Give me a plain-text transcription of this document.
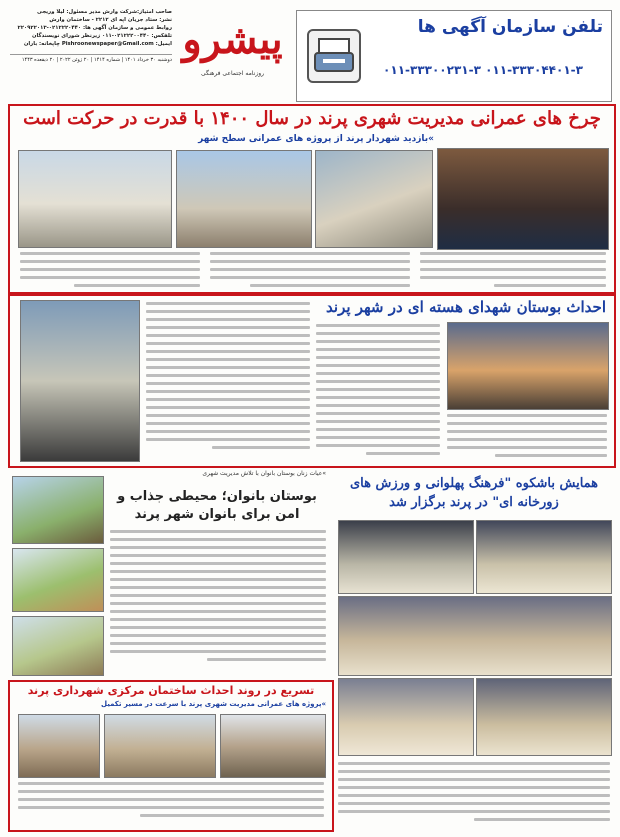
صاحب امتیاز:شرکت وارش مدیر مسئول: لیلا وریجی
نشر: ستاد جریان اپه ای ۲۲۱۲ - ساختمان وارش
روابط عمومی و سازمان آگهی ها: ۰۲۱۲۲۲۰۴۴۰-۲۲۰۹۲۲۰۱۳
تلفکس: ۰۲۱۲۲۲۰۰۴۴۰-۰۱۱ زیرنظر شورای نویسندگان
ایمیل: Pishroonewspaper@Gmail.com چاپخانه: باران
دوشنبه ۳۰ خرداد ۱۴۰۱ | شماره ۱۴۱۴ | ۲۰ ژوئن ۲۰۲۲ | ۲۰ ذیقعده ۱۴۴۳ پیشرو
روزنامه اجتماعی فرهنگی
تلفن سازمان آگهی ها
۰۱۱-۳۳۳۰۴۴۰۱-۳ ۰۱۱-۳۳۳۰۰۲۳۱-۳
چرخ های عمرانی مدیریت شهری پرند در سال ۱۴۰۰ با قدرت در حرکت است
»بازدید شهردار پرند از پروژه های عمرانی سطح شهر
احداث بوستان شهدای هسته ای در شهر پرند
»عیات زنان بوستان بانوان با تلاش مدیریت شهری
بوستان بانوان؛ محیطی جذاب و امن برای بانوان شهر پرند
تسریع در روند احداث ساختمان مرکزی شهرداری پرند
»پروژه های عمرانی مدیریت شهری پرند با سرعت در مسیر تکمیل
همایش باشکوه "فرهنگ پهلوانی و ورزش های زورخانه ای" در پرند برگزار شد
